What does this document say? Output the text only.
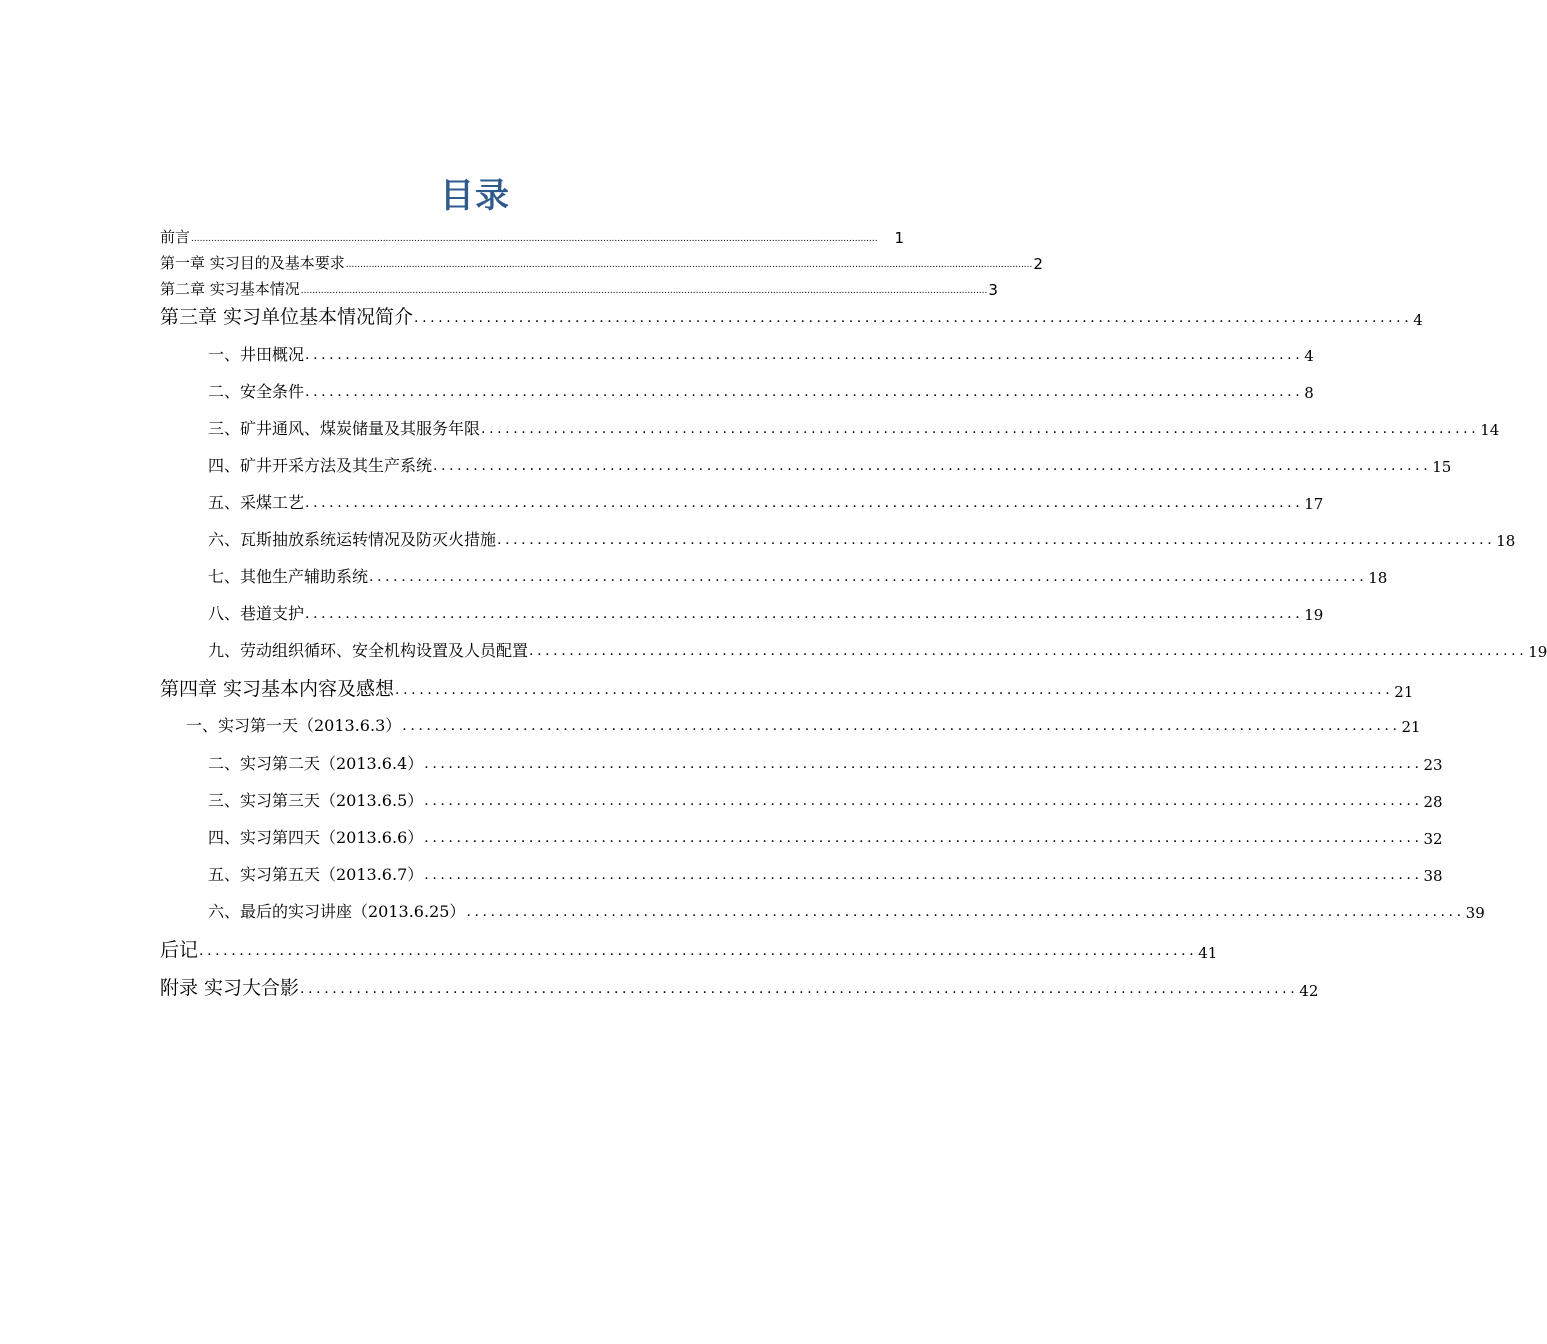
目录
前言 ................................................................................................................................................................................................................................................	1
第一章 实习目的及基本要求 ................................................................................................................................................................................................................................................ 2
第二章 实习基本情况 ................................................................................................................................................................................................................................................ 3
第三章 实习单位基本情况简介 ............................................................................................................................ 4
一、井田概况 ............................................................................................................................ 4
二、安全条件 ............................................................................................................................ 8
三、矿井通风、煤炭储量及其服务年限 ............................................................................................................................ 14
四、矿井开采方法及其生产系统 ............................................................................................................................ 15
五、采煤工艺 ............................................................................................................................ 17
六、瓦斯抽放系统运转情况及防灭火措施 ............................................................................................................................ 18
七、其他生产辅助系统 ............................................................................................................................ 18
八、巷道支护 ............................................................................................................................ 19
九、劳动组织循环、安全机构设置及人员配置 ............................................................................................................................ 19
第四章 实习基本内容及感想 ............................................................................................................................ 21
一、实习第一天（2013.6.3） ............................................................................................................................ 21
二、实习第二天（2013.6.4） ............................................................................................................................ 23
三、实习第三天（2013.6.5） ............................................................................................................................ 28
四、实习第四天（2013.6.6） ............................................................................................................................ 32
五、实习第五天（2013.6.7） ............................................................................................................................ 38
六、最后的实习讲座（2013.6.25） ............................................................................................................................ 39
后记 ............................................................................................................................ 41
附录 实习大合影 ............................................................................................................................ 42
